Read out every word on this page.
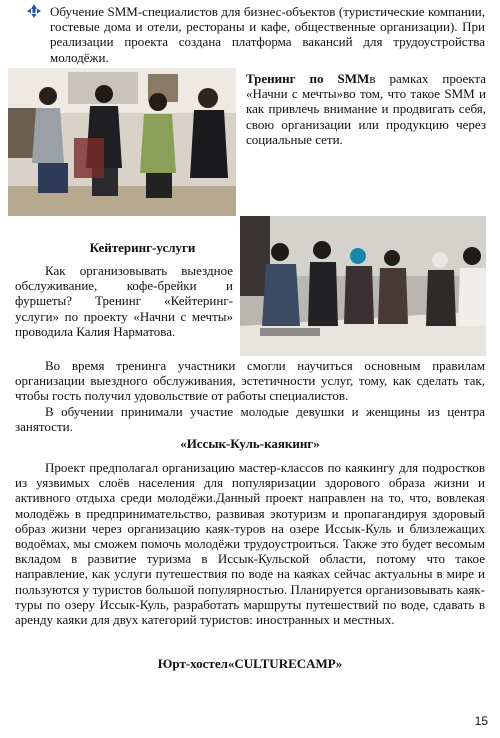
Обучение SMM-специалистов для бизнес-объектов (туристические компании, гостевые дома и отели, рестораны и кафе, общественные организации). При реализации проекта создана платформа вакансий для трудоустройства молодёжи.

Тренинг по SMMв рамках проекта «Начни с мечты»во том, что такое SMM и как привлечь внимание и продвигать себя, свою организации или продукцию через социальные сети.

Кейтеринг-услуги

Как организовывать выездное обслуживание, кофе-брейки и фуршеты? Тренинг «Кейтеринг-услуги» по проекту «Начни с мечты» проводила Калия Нарматова.

Во время тренинга участники смогли научиться основным правилам организации выездного обслуживания, эстетичности услуг, тому, как сделать так, чтобы гость получил удовольствие от работы специалистов.

В обучении принимали участие молодые девушки и женщины из центра занятости.

«Иссык-Куль-каякинг»

Проект предполагал организацию мастер-классов по каякингу для подростков из уязвимых слоёв населения для популяризации здорового образа жизни и активного отдыха среди молодёжи.Данный проект направлен на то, что, вовлекая молодёжь в предпринимательство, развивая экотуризм и пропагандируя здоровый образ жизни через организацию каяк-туров на озере Иссык-Куль и близлежащих водоёмах, мы сможем помочь молодёжи трудоустроиться. Также это будет весомым вкладом в развитие туризма в Иссык-Кульской области, потому что такое направление, как услуги путешествия по воде на каяках сейчас актуальны в мире и пользуются у туристов большой популярностью. Планируется организовывать каяк-туры по озеру Иссык-Куль, разработать маршруты путешествий по воде, сдавать в аренду каяки для двух категорий туристов: иностранных и местных.

Юрт-хостел«CULTURECAMP»
15
